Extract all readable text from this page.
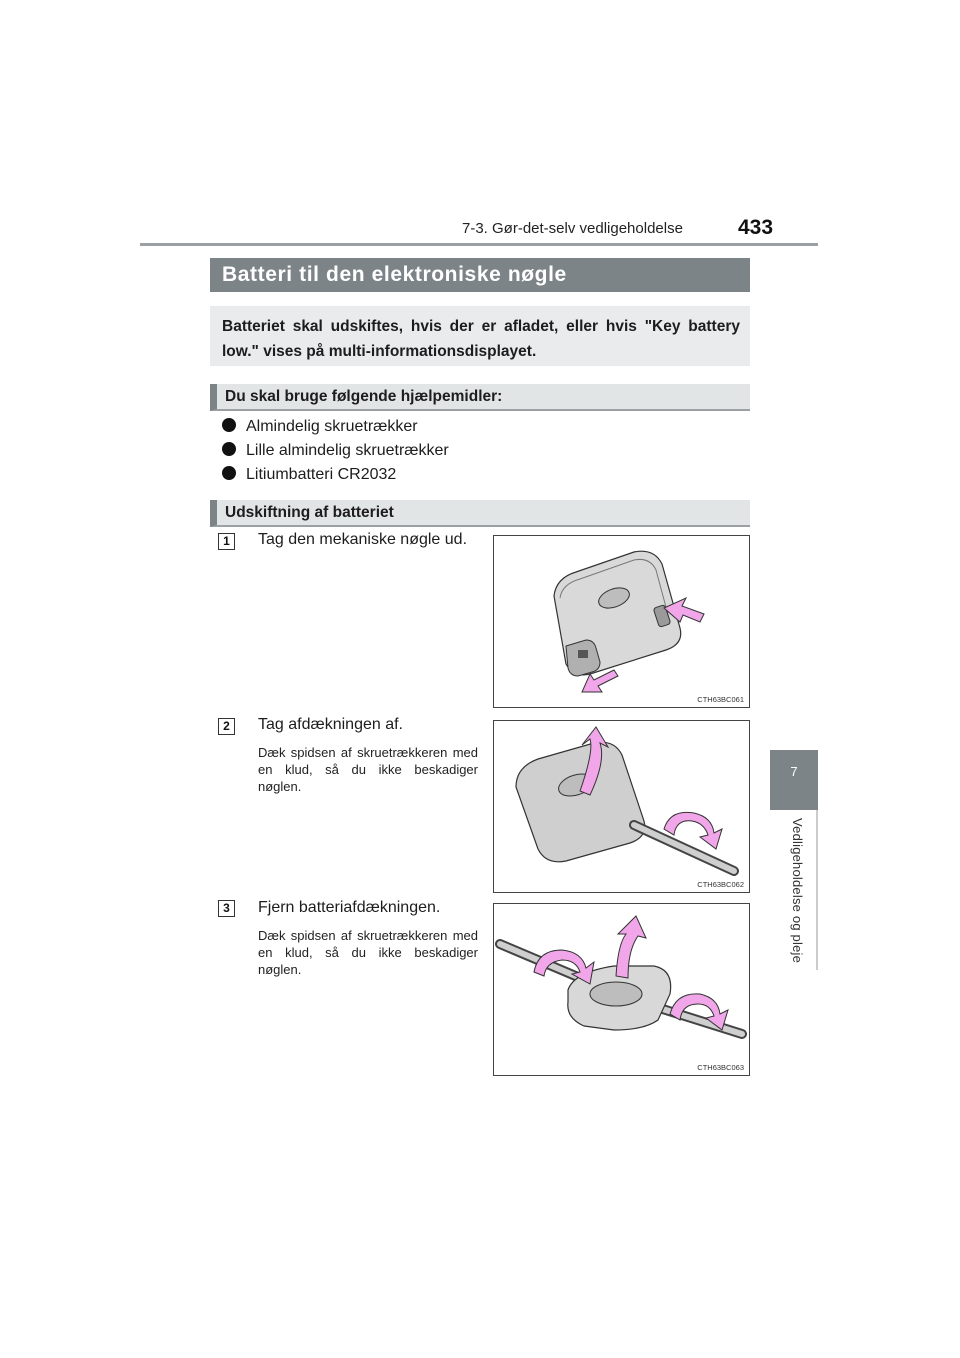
7-3. Gør-det-selv vedligeholdelse	433
7
Vedligeholdelse og pleje
Batteri til den elektroniske nøgle
Batteriet skal udskiftes, hvis der er afladet, eller hvis "Key battery low." vises på multi-informationsdisplayet.
Du skal bruge følgende hjælpemidler:
Almindelig skruetrækker
Lille almindelig skruetrækker
Litiumbatteri CR2032
Udskiftning af batteriet
1	Tag den mekaniske nøgle ud.
CTH63BC061
2	Tag afdækningen af.
Dæk spidsen af skruetrækkeren med en klud, så du ikke beskadiger nøglen.
CTH63BC062
3	Fjern batteriafdækningen.
Dæk spidsen af skruetrækkeren med en klud, så du ikke beskadiger nøglen.
CTH63BC063
